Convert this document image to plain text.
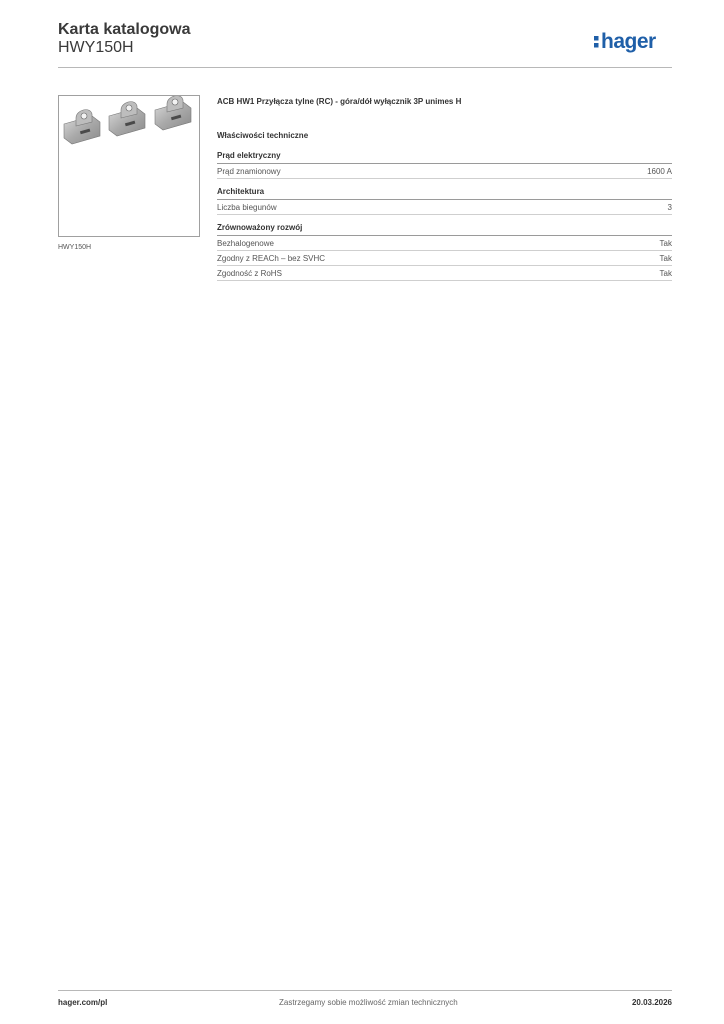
Karta katalogowa
HWY150H	hager
HWY150H
ACB HW1 Przyłącza tylne (RC) - góra/dół wyłącznik 3P unimes H
Właściwości techniczne
Prąd elektryczny
Prąd znamionowy	1600 A
Architektura
Liczba biegunów	3
Zrównoważony rozwój
Bezhalogenowe	Tak
Zgodny z REACh – bez SVHC	Tak
Zgodność z RoHS	Tak
hager.com/pl	Zastrzegamy sobie możliwość zmian technicznych	20.03.2026
